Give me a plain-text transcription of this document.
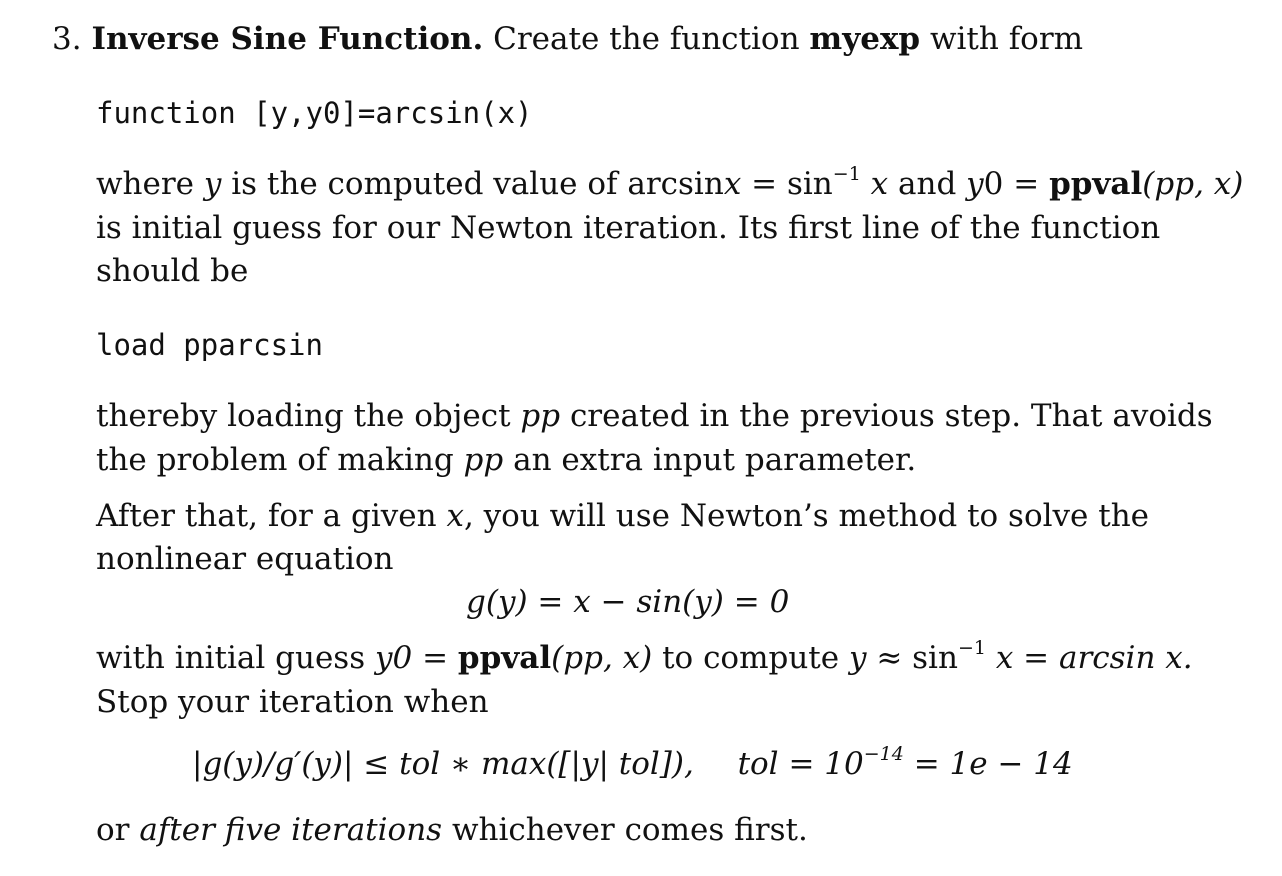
3. Inverse Sine Function. Create the function myexp with form
function [y,y0]=arcsin(x)
where y is the computed value of $\arcsin x = \sin^{-1} x$ and y0 = ppval(pp, x)
is initial guess for our Newton iteration. Its first line of the function
should be
load pparcsin
thereby loading the object pp created in the previous step. That avoids
the problem of making pp an extra input parameter.
After that, for a given x, you will use Newton’s method to solve the
nonlinear equation
g(y) = x − sin(y) = 0
with initial guess y0 = ppval(pp, x) to compute $y \approx \sin^{-1} x = \arcsin x$.
Stop your iteration when
|g(y)/g′(y)| ≤ tol ∗ max([|y| tol]), tol = $10^{-14} = 1e - 14$
or after five iterations whichever comes first.
